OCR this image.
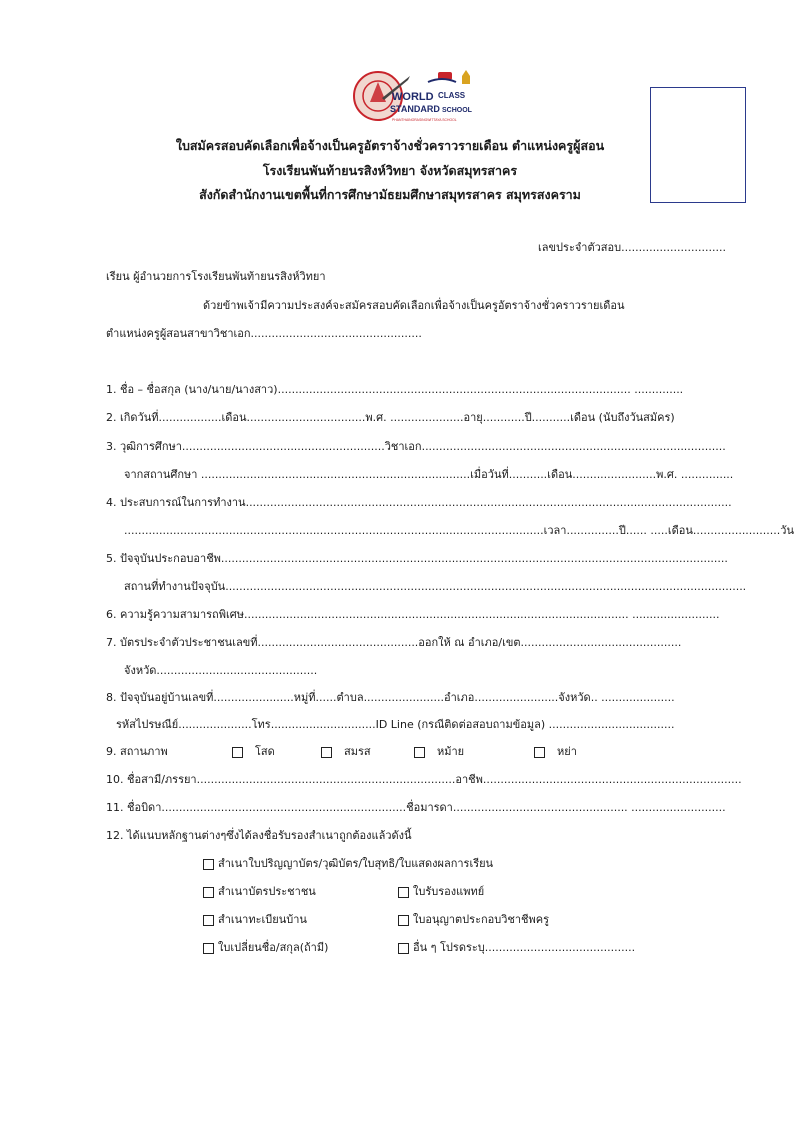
WORLD CLASS
STANDARD SCHOOL
PHANTHAINORASINGWITTAYA SCHOOL
ใบสมัครสอบคัดเลือกเพื่อจ้างเป็นครูอัตราจ้างชั่วคราวรายเดือน ตำแหน่งครูผู้สอน
โรงเรียนพันท้ายนรสิงห์วิทยา จังหวัดสมุทรสาคร
สังกัดสำนักงานเขตพื้นที่การศึกษามัธยมศึกษาสมุทรสาคร สมุทรสงคราม
เลขประจำตัวสอบ..............................
เรียน ผู้อำนวยการโรงเรียนพันท้ายนรสิงห์วิทยา
ด้วยข้าพเจ้ามีความประสงค์จะสมัครสอบคัดเลือกเพื่อจ้างเป็นครูอัตราจ้างชั่วคราวรายเดือน
ตำแหน่งครูผู้สอนสาขาวิชาเอก.................................................
1. ชื่อ – ชื่อสกุล (นาง/นาย/นางสาว)..................................................................................................... ..............
2. เกิดวันที่..................เดือน..................................พ.ศ. .....................อายุ............ปี...........เดือน (นับถึงวันสมัคร)
3. วุฒิการศึกษา..........................................................วิชาเอก.......................................................................................
จากสถานศึกษา .............................................................................เมื่อวันที่...........เดือน........................พ.ศ. ...............
4. ประสบการณ์ในการทำงาน...........................................................................................................................................
........................................................................................................................เวลา...............ปี...... .....เดือน.........................วัน
5. ปัจจุบันประกอบอาชีพ.................................................................................................................................................
สถานที่ทำงานปัจจุบัน.....................................................................................................................................................
6. ความรู้ความสามารถพิเศษ.............................................................................................................. .........................
7. บัตรประจำตัวประชาชนเลขที่..............................................ออกให้ ณ อำเภอ/เขต..............................................
จังหวัด..............................................
8. ปัจจุบันอยู่บ้านเลขที่.......................หมู่ที่......ตำบล.......................อำเภอ........................จังหวัด.. .....................
รหัสไปรษณีย์.....................โทร..............................ID Line (กรณีติดต่อสอบถามข้อมูล) ....................................
9. สถานภาพ	โสด	สมรส	หม้าย	หย่า
10. ชื่อสามี/ภรรยา..........................................................................อาชีพ..........................................................................
11. ชื่อบิดา......................................................................ชื่อมารดา.................................................. ...........................
12. ได้แนบหลักฐานต่างๆซึ่งได้ลงชื่อรับรองสำเนาถูกต้องแล้วดังนี้
สำเนาใบปริญญาบัตร/วุฒิบัตร/ใบสุทธิ/ใบแสดงผลการเรียน
สำเนาบัตรประชาชน	ใบรับรองแพทย์
สำเนาทะเบียนบ้าน	ใบอนุญาตประกอบวิชาชีพครู
ใบเปลี่ยนชื่อ/สกุล(ถ้ามี)	อื่น ๆ โปรดระบุ...........................................
